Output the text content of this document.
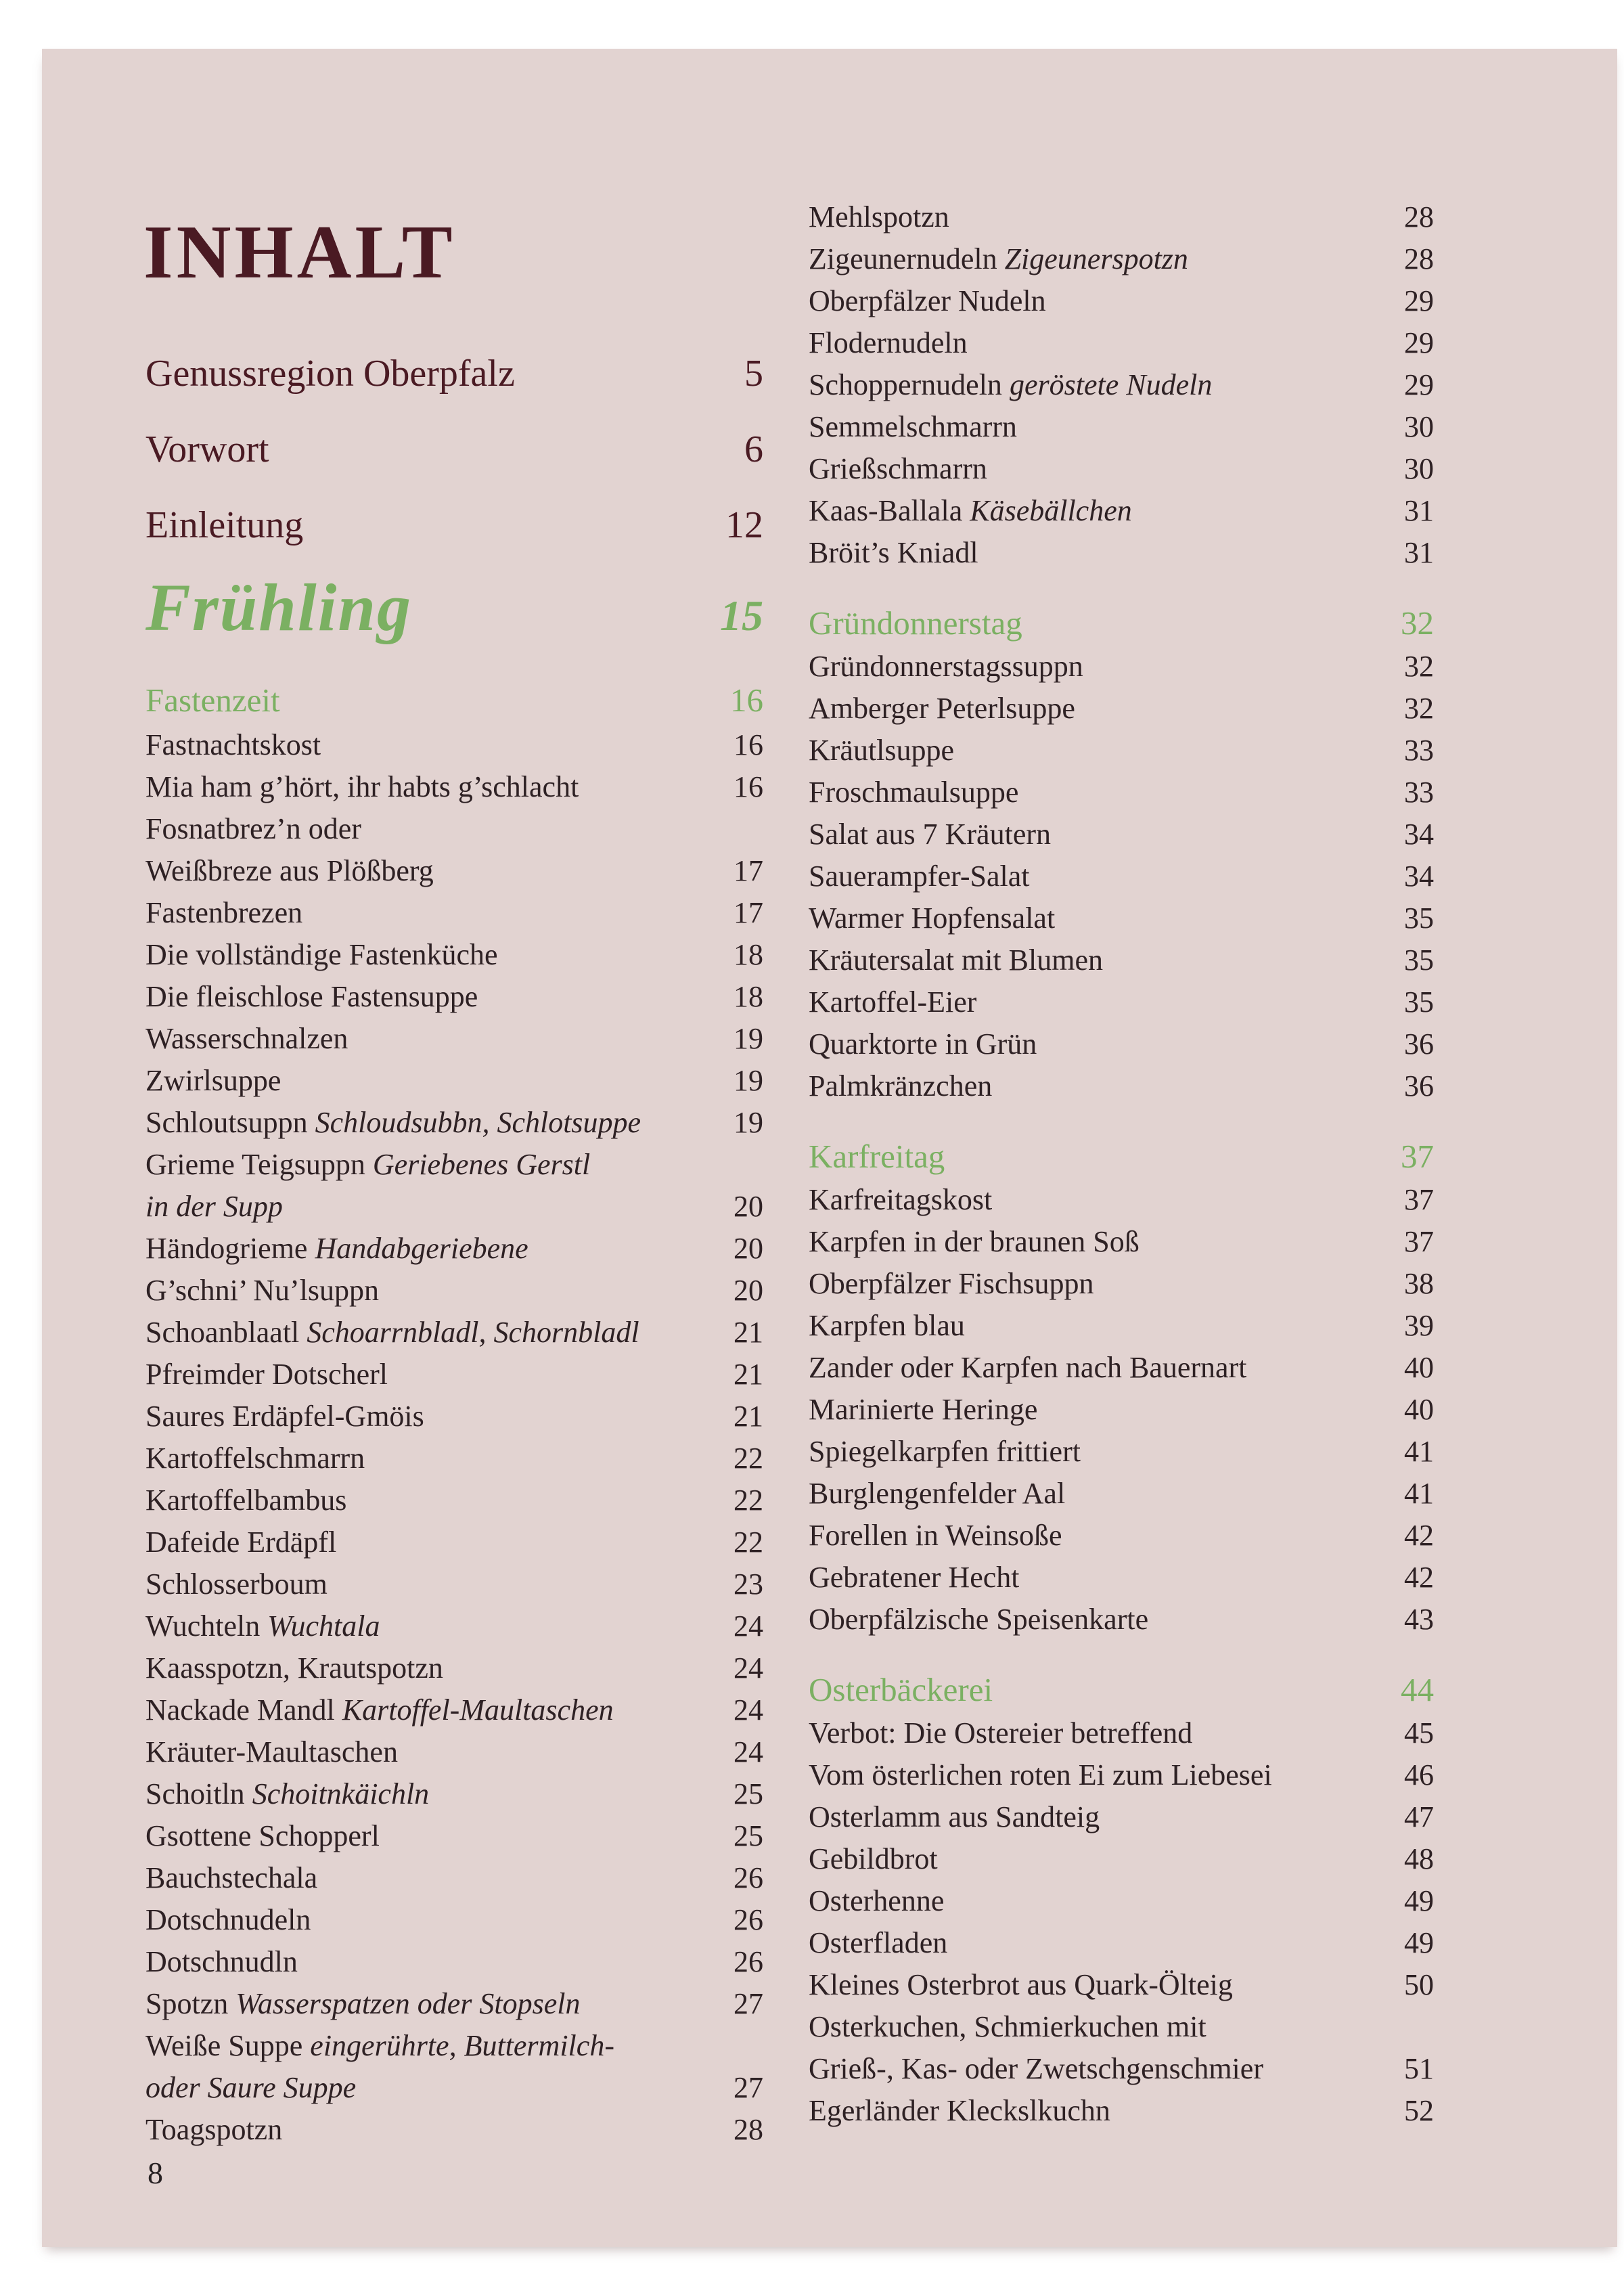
INHALT
Genussregion Oberpfalz	5
Vorwort	6
Einleitung	12
Frühling	15
Fastenzeit	16
Fastnachtskost	16
Mia ham g’hört, ihr habts g’schlacht	16
Fosnatbrez’n oder
Weißbreze aus Plößberg	17
Fastenbrezen	17
Die vollständige Fastenküche	18
Die fleischlose Fastensuppe	18
Wasserschnalzen	19
Zwirlsuppe	19
Schloutsuppn Schloudsubbn, Schlotsuppe	19
Grieme Teigsuppn Geriebenes Gerstl
in der Supp	20
Händogrieme Handabgeriebene	20
G’schni’ Nu’lsuppn	20
Schoanblaatl Schoarrnbladl, Schornbladl	21
Pfreimder Dotscherl	21
Saures Erdäpfel-Gmöis	21
Kartoffelschmarrn	22
Kartoffelbambus	22
Dafeide Erdäpfl	22
Schlosserboum	23
Wuchteln Wuchtala	24
Kaasspotzn, Krautspotzn	24
Nackade Mandl Kartoffel-Maultaschen	24
Kräuter-Maultaschen	24
Schoitln Schoitnkäichln	25
Gsottene Schopperl	25
Bauchstechala	26
Dotschnudeln	26
Dotschnudln	26
Spotzn Wasserspatzen oder Stopseln	27
Weiße Suppe eingerührte, Buttermilch-
oder Saure Suppe	27
Toagspotzn	28
Mehlspotzn	28
Zigeunernudeln Zigeunerspotzn	28
Oberpfälzer Nudeln	29
Flodernudeln	29
Schoppernudeln geröstete Nudeln	29
Semmelschmarrn	30
Grießschmarrn	30
Kaas-Ballala Käsebällchen	31
Bröit’s Kniadl	31
Gründonnerstag	32
Gründonnerstagssuppn	32
Amberger Peterlsuppe	32
Kräutlsuppe	33
Froschmaulsuppe	33
Salat aus 7 Kräutern	34
Sauerampfer-Salat	34
Warmer Hopfensalat	35
Kräutersalat mit Blumen	35
Kartoffel-Eier	35
Quarktorte in Grün	36
Palmkränzchen	36
Karfreitag	37
Karfreitagskost	37
Karpfen in der braunen Soß	37
Oberpfälzer Fischsuppn	38
Karpfen blau	39
Zander oder Karpfen nach Bauernart	40
Marinierte Heringe	40
Spiegelkarpfen frittiert	41
Burglengenfelder Aal	41
Forellen in Weinsoße	42
Gebratener Hecht	42
Oberpfälzische Speisenkarte	43
Osterbäckerei	44
Verbot: Die Ostereier betreffend	45
Vom österlichen roten Ei zum Liebesei	46
Osterlamm aus Sandteig	47
Gebildbrot	48
Osterhenne	49
Osterfladen	49
Kleines Osterbrot aus Quark-Ölteig	50
Osterkuchen, Schmierkuchen mit
Grieß-, Kas- oder Zwetschgenschmier	51
Egerländer Kleckslkuchn	52
8
